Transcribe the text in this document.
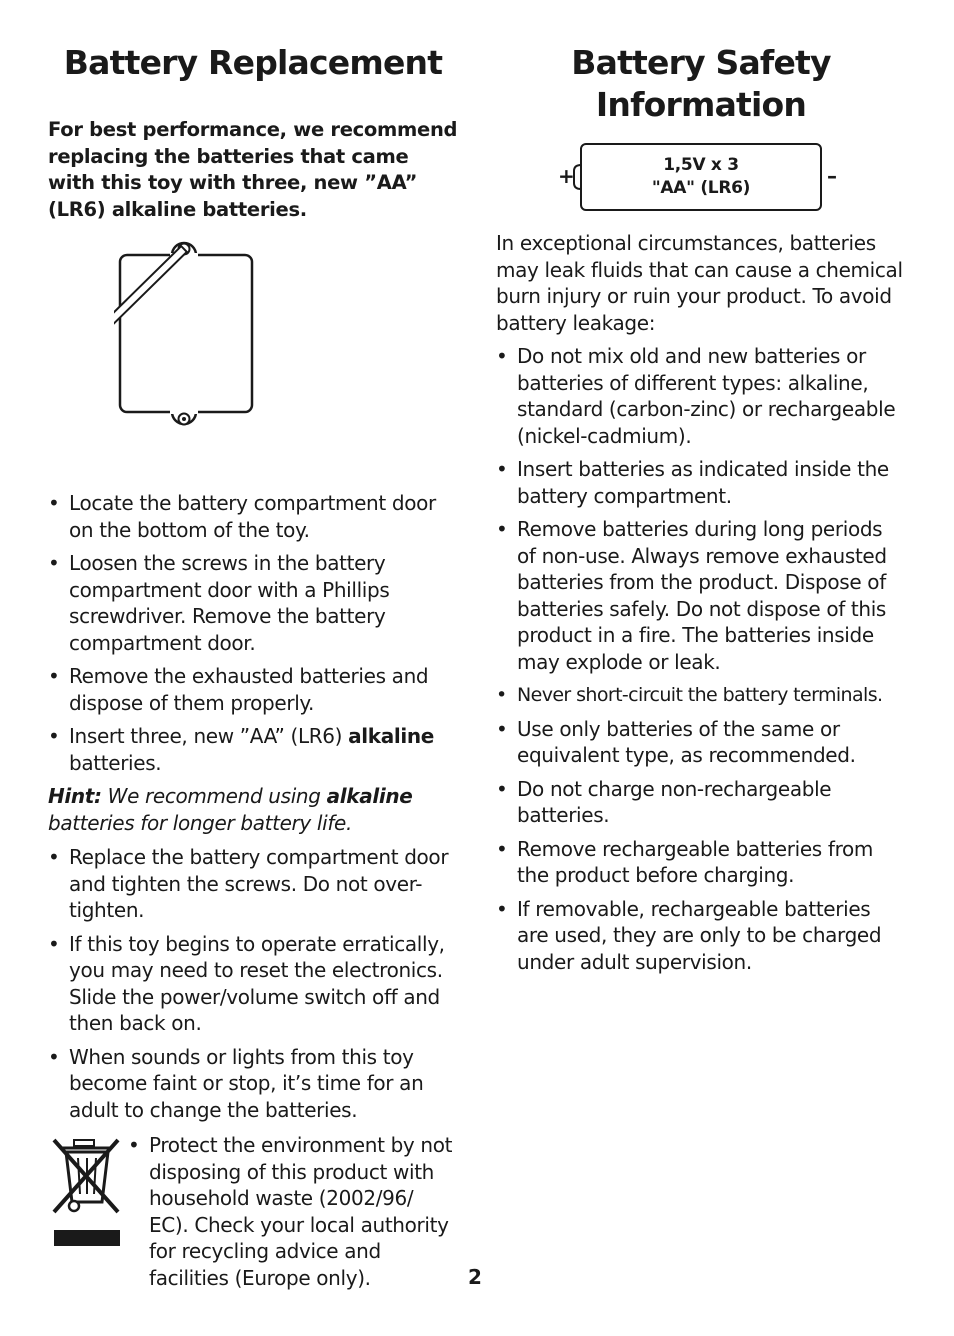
Battery Replacement
For best performance, we recommend replacing the batteries that came with this toy with three, new ”AA” (LR6) alkaline batteries.
• Locate the battery compartment door on the bottom of the toy.
• Loosen the screws in the battery compartment door with a Phillips screwdriver. Remove the battery compartment door.
• Remove the exhausted batteries and dispose of them properly.
• Insert three, new ”AA” (LR6) alkaline batteries.

Hint: We recommend using alkaline batteries for longer battery life.

• Replace the battery compartment door and tighten the screws. Do not over-tighten.
• If this toy begins to operate erratically, you may need to reset the electronics. Slide the power/volume switch off and then back on.
• When sounds or lights from this toy become faint or stop, it’s time for an adult to change the batteries.
• Protect the environment by not disposing of this product with household waste (2002/96/ EC). Check your local authority for recycling advice and facilities (Europe only).	2
Battery Safety Information
+	1,5V x 3
"AA" (LR6)	–

In exceptional circumstances, batteries may leak fluids that can cause a chemical burn injury or ruin your product. To avoid battery leakage:

• Do not mix old and new batteries or batteries of different types: alkaline, standard (carbon-zinc) or rechargeable (nickel-cadmium).
• Insert batteries as indicated inside the battery compartment.
• Remove batteries during long periods of non-use. Always remove exhausted batteries from the product. Dispose of batteries safely. Do not dispose of this product in a fire. The batteries inside may explode or leak.
• Never short-circuit the battery terminals.
• Use only batteries of the same or equivalent type, as recommended.
• Do not charge non-rechargeable batteries.
• Remove rechargeable batteries from the product before charging.
• If removable, rechargeable batteries are used, they are only to be charged under adult supervision.
